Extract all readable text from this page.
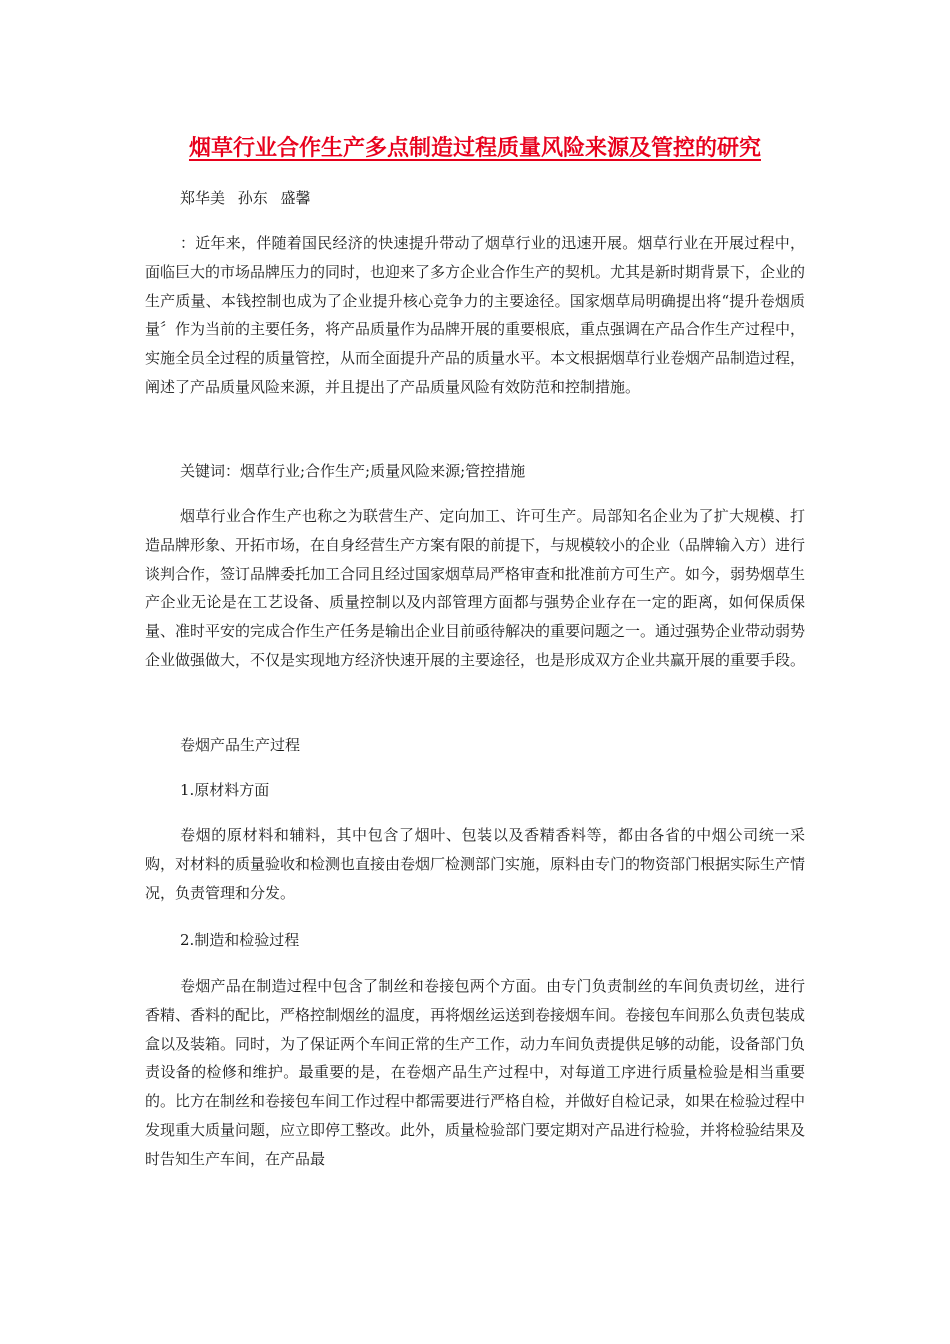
烟草行业合作生产多点制造过程质量风险来源及管控的研究
郑华美 孙东 盛馨

：近年来，伴随着国民经济的快速提升带动了烟草行业的迅速开展。烟草行业在开展过程中，面临巨大的市场品牌压力的同时，也迎来了多方企业合作生产的契机。尤其是新时期背景下，企业的生产质量、本钱控制也成为了企业提升核心竞争力的主要途径。国家烟草局明确提出将“提升卷烟质量〞作为当前的主要任务，将产品质量作为品牌开展的重要根底，重点强调在产品合作生产过程中，实施全员全过程的质量管控，从而全面提升产品的质量水平。本文根据烟草行业卷烟产品制造过程，阐述了产品质量风险来源，并且提出了产品质量风险有效防范和控制措施。

关键词：烟草行业;合作生产;质量风险来源;管控措施

烟草行业合作生产也称之为联营生产、定向加工、许可生产。局部知名企业为了扩大规模、打造品牌形象、开拓市场，在自身经营生产方案有限的前提下，与规模较小的企业（品牌输入方）进行谈判合作，签订品牌委托加工合同且经过国家烟草局严格审查和批准前方可生产。如今，弱势烟草生产企业无论是在工艺设备、质量控制以及内部管理方面都与强势企业存在一定的距离，如何保质保量、准时平安的完成合作生产任务是输出企业目前亟待解决的重要问题之一。通过强势企业带动弱势企业做强做大，不仅是实现地方经济快速开展的主要途径，也是形成双方企业共赢开展的重要手段。

卷烟产品生产过程

1.原材料方面

卷烟的原材料和辅料，其中包含了烟叶、包装以及香精香料等，都由各省的中烟公司统一采购，对材料的质量验收和检测也直接由卷烟厂检测部门实施，原料由专门的物资部门根据实际生产情况，负责管理和分发。

2.制造和检验过程

卷烟产品在制造过程中包含了制丝和卷接包两个方面。由专门负责制丝的车间负责切丝，进行香精、香料的配比，严格控制烟丝的温度，再将烟丝运送到卷接烟车间。卷接包车间那么负责包装成盒以及装箱。同时，为了保证两个车间正常的生产工作，动力车间负责提供足够的动能，设备部门负责设备的检修和维护。最重要的是，在卷烟产品生产过程中，对每道工序进行质量检验是相当重要的。比方在制丝和卷接包车间工作过程中都需要进行严格自检，并做好自检记录，如果在检验过程中发现重大质量问题，应立即停工整改。此外，质量检验部门要定期对产品进行检验，并将检验结果及时告知生产车间，在产品最
